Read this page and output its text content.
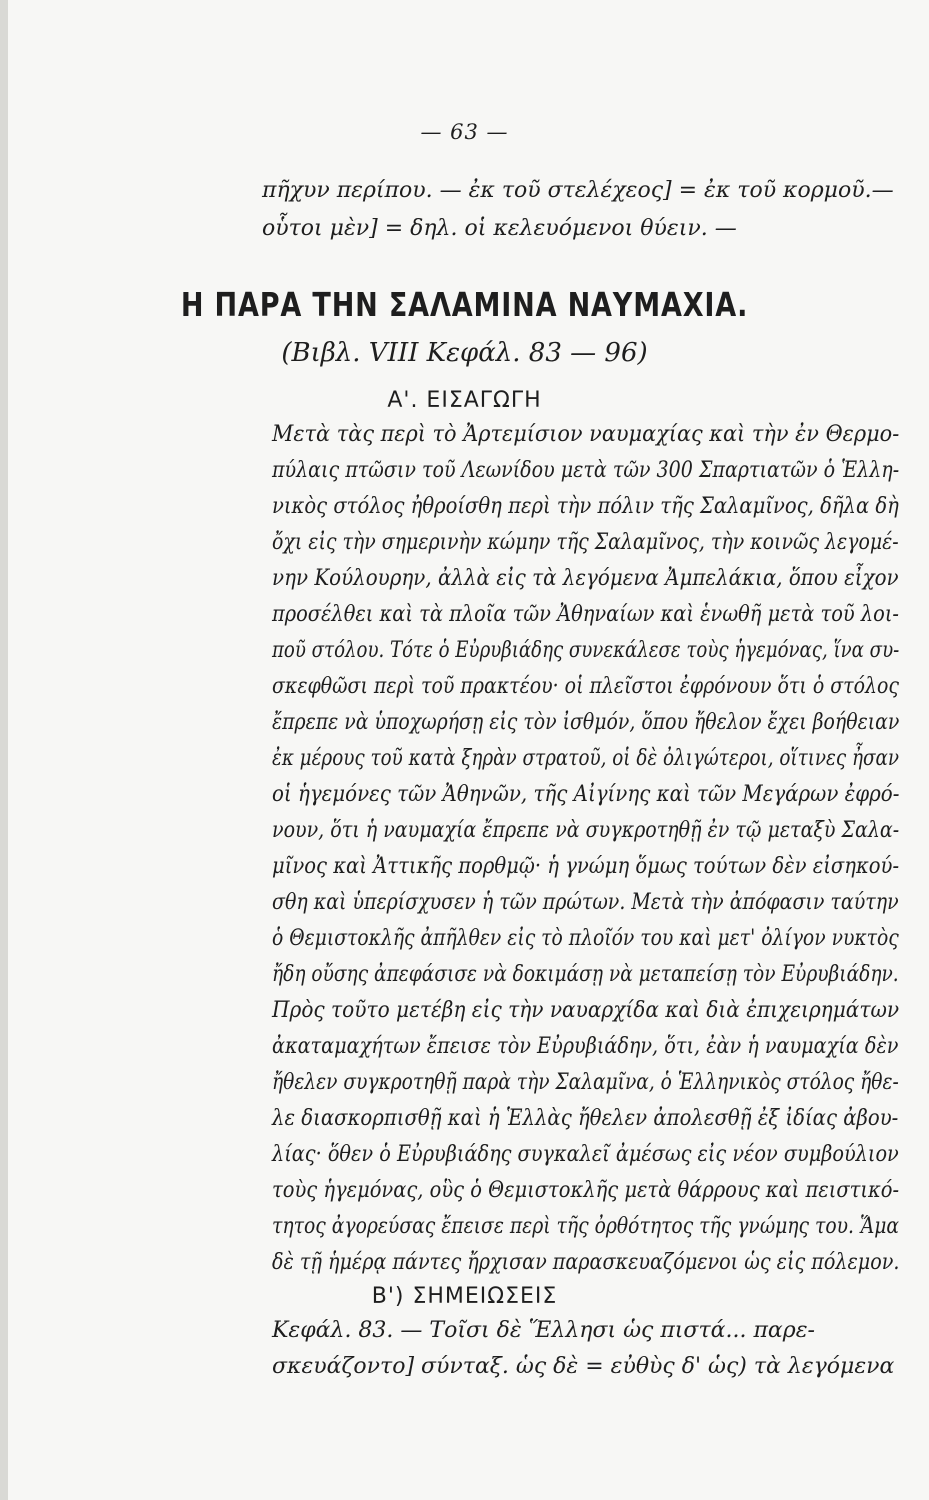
— 63 —
πῆχυν περίπου. — ἐκ τοῦ στελέχεος] = ἐκ τοῦ κορμοῦ.—
οὗτοι μὲν] = δηλ. οἱ κελευόμενοι θύειν. —
Η ΠΑΡΑ ΤΗΝ ΣΑΛΑΜΙΝΑ ΝΑΥΜΑΧΙΑ.
(Βιβλ. VIII Κεφάλ. 83 — 96)
Α'. ΕΙΣΑΓΩΓΗ
Μετὰ τὰς περὶ τὸ Ἀρτεμίσιον ναυμαχίας καὶ τὴν ἐν Θερμο-
πύλαις πτῶσιν τοῦ Λεωνίδου μετὰ τῶν 300 Σπαρτιατῶν ὁ Ἑλλη-
νικὸς στόλος ἠθροίσθη περὶ τὴν πόλιν τῆς Σαλαμῖνος, δῆλα δὴ
ὄχι εἰς τὴν σημερινὴν κώμην τῆς Σαλαμῖνος, τὴν κοινῶς λεγομέ-
νην Κούλουρην, ἀλλὰ εἰς τὰ λεγόμενα Ἀμπελάκια, ὅπου εἶχον
προσέλθει καὶ τὰ πλοῖα τῶν Ἀθηναίων καὶ ἑνωθῆ μετὰ τοῦ λοι-
ποῦ στόλου. Τότε ὁ Εὐρυβιάδης συνεκάλεσε τοὺς ἡγεμόνας, ἵνα συ-
σκεφθῶσι περὶ τοῦ πρακτέου· οἱ πλεῖστοι ἐφρόνουν ὅτι ὁ στόλος
ἔπρεπε νὰ ὑποχωρήσῃ εἰς τὸν ἰσθμόν, ὅπου ἤθελον ἔχει βοήθειαν
ἐκ μέρους τοῦ κατὰ ξηρὰν στρατοῦ, οἱ δὲ ὀλιγώτεροι, οἵτινες ἦσαν
οἱ ἡγεμόνες τῶν Ἀθηνῶν, τῆς Αἰγίνης καὶ τῶν Μεγάρων ἐφρό-
νουν, ὅτι ἡ ναυμαχία ἔπρεπε νὰ συγκροτηθῇ ἐν τῷ μεταξὺ Σαλα-
μῖνος καὶ Ἀττικῆς πορθμῷ· ἡ γνώμη ὅμως τούτων δὲν εἰσηκού-
σθη καὶ ὑπερίσχυσεν ἡ τῶν πρώτων. Μετὰ τὴν ἀπόφασιν ταύτην
ὁ Θεμιστοκλῆς ἀπῆλθεν εἰς τὸ πλοῖόν του καὶ μετ' ὀλίγον νυκτὸς
ἤδη οὔσης ἀπεφάσισε νὰ δοκιμάσῃ νὰ μεταπείσῃ τὸν Εὐρυβιάδην.
Πρὸς τοῦτο μετέβη εἰς τὴν ναυαρχίδα καὶ διὰ ἐπιχειρημάτων
ἀκαταμαχήτων ἔπεισε τὸν Εὐρυβιάδην, ὅτι, ἐὰν ἡ ναυμαχία δὲν
ἤθελεν συγκροτηθῇ παρὰ τὴν Σαλαμῖνα, ὁ Ἑλληνικὸς στόλος ἤθε-
λε διασκορπισθῇ καὶ ἡ Ἑλλὰς ἤθελεν ἀπολεσθῇ ἐξ ἰδίας ἀβου-
λίας· ὅθεν ὁ Εὐρυβιάδης συγκαλεῖ ἀμέσως εἰς νέον συμβούλιον
τοὺς ἡγεμόνας, οὓς ὁ Θεμιστοκλῆς μετὰ θάρρους καὶ πειστικό-
τητος ἀγορεύσας ἔπεισε περὶ τῆς ὀρθότητος τῆς γνώμης του. Ἅμα
δὲ τῇ ἡμέρᾳ πάντες ἤρχισαν παρασκευαζόμενοι ὡς εἰς πόλεμον.
Β') ΣΗΜΕΙΩΣΕΙΣ
Κεφάλ. 83. — Τοῖσι δὲ Ἕλλησι ὡς πιστά... παρε-
σκευάζοντο] σύνταξ. ὡς δὲ = εὐθὺς δ' ὡς) τὰ λεγόμενα
